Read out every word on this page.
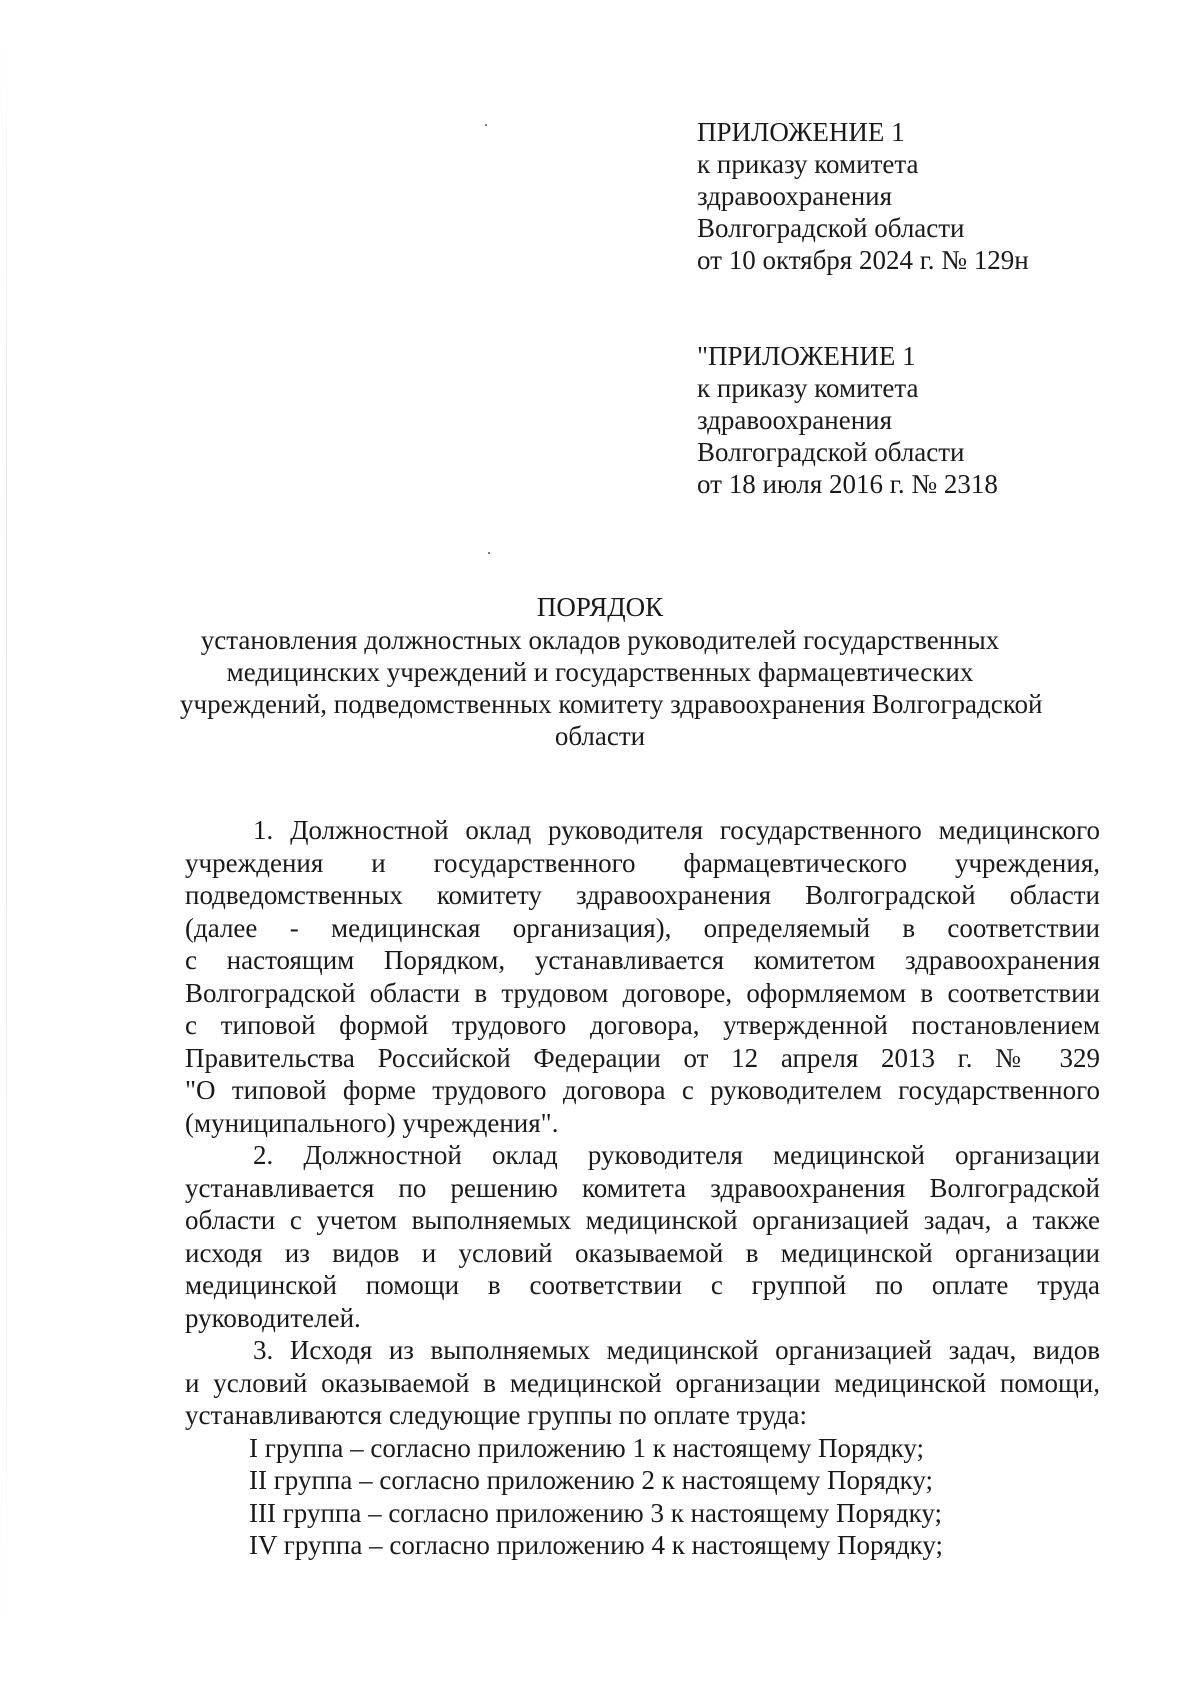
ПРИЛОЖЕНИЕ 1
к приказу комитета
здравоохранения
Волгоградской области
от 10 октября 2024 г. № 129н
"ПРИЛОЖЕНИЕ 1
к приказу комитета
здравоохранения
Волгоградской области
от 18 июля 2016 г. № 2318
ПОРЯДОК
установления должностных окладов руководителей государственных
медицинских учреждений и государственных фармацевтических
учреждений, подведомственных комитету здравоохранения Волгоградской
области
1. Должностной оклад руководителя государственного медицинского
учреждения и государственного фармацевтического учреждения,
подведомственных комитету здравоохранения Волгоградской области
(далее - медицинская организация), определяемый в соответствии
с настоящим Порядком, устанавливается комитетом здравоохранения
Волгоградской области в трудовом договоре, оформляемом в соответствии
с типовой формой трудового договора, утвержденной постановлением
Правительства Российской Федерации от 12 апреля 2013 г. № 329
"О типовой форме трудового договора с руководителем государственного
(муниципального) учреждения".
2. Должностной оклад руководителя медицинской организации
устанавливается по решению комитета здравоохранения Волгоградской
области с учетом выполняемых медицинской организацией задач, а также
исходя из видов и условий оказываемой в медицинской организации
медицинской помощи в соответствии с группой по оплате труда
руководителей.
3. Исходя из выполняемых медицинской организацией задач, видов
и условий оказываемой в медицинской организации медицинской помощи,
устанавливаются следующие группы по оплате труда:
I группа – согласно приложению 1 к настоящему Порядку;
II группа – согласно приложению 2 к настоящему Порядку;
III группа – согласно приложению 3 к настоящему Порядку;
IV группа – согласно приложению 4 к настоящему Порядку;
